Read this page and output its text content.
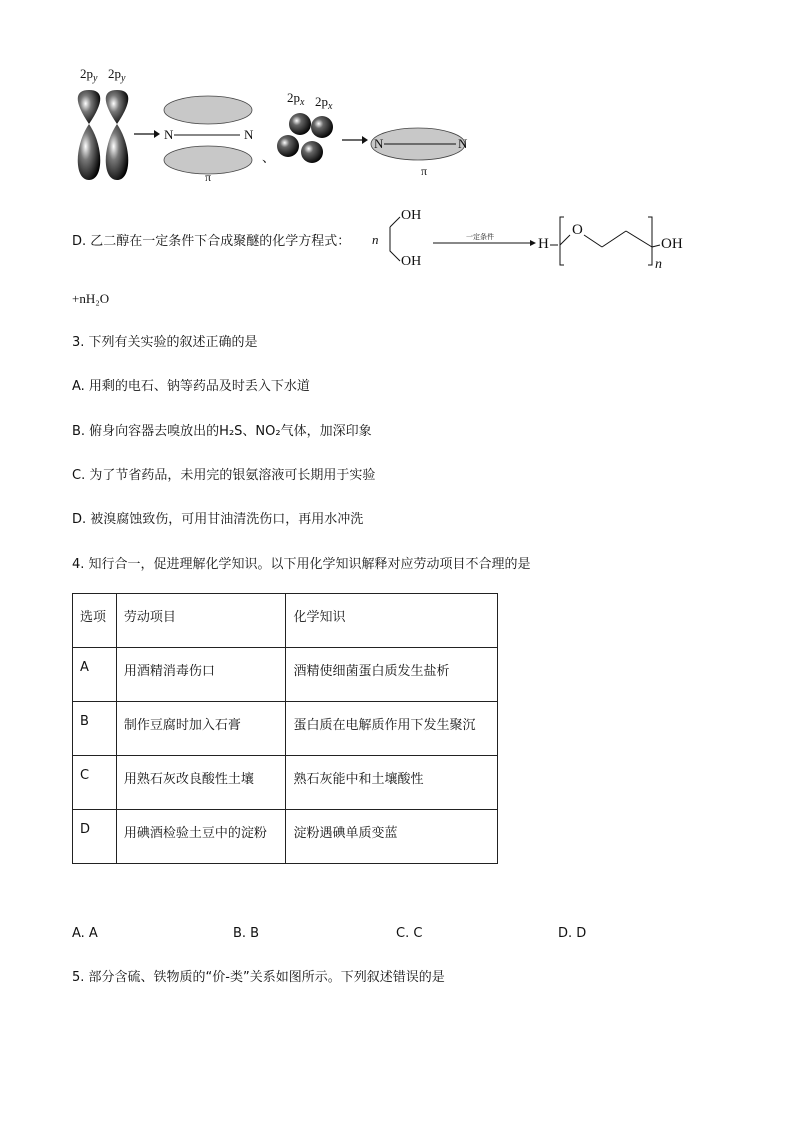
$2p_y$ $2p_y$
N	N
π
、
$2p_x$ $2p_x$
N	N
π
D. 乙二醇在一定条件下合成聚醚的化学方程式： n
OH
OH
一定条件	H
O
OH
n
+nH₂O
3. 下列有关实验的叙述正确的是
A. 用剩的电石、钠等药品及时丢入下水道
B. 俯身向容器去嗅放出的H₂S、NO₂气体，加深印象
C. 为了节省药品，未用完的银氨溶液可长期用于实验
D. 被溴腐蚀致伤，可用甘油清洗伤口，再用水冲洗
4. 知行合一，促进理解化学知识。以下用化学知识解释对应劳动项目不合理的是
选项	劳动项目	化学知识
A	用酒精消毒伤口	酒精使细菌蛋白质发生盐析
B	制作豆腐时加入石膏	蛋白质在电解质作用下发生聚沉
C	用熟石灰改良酸性土壤	熟石灰能中和土壤酸性
D	用碘酒检验土豆中的淀粉	淀粉遇碘单质变蓝
A. A	B. B	C. C	D. D
5. 部分含硫、铁物质的“价-类”关系如图所示。下列叙述错误的是
